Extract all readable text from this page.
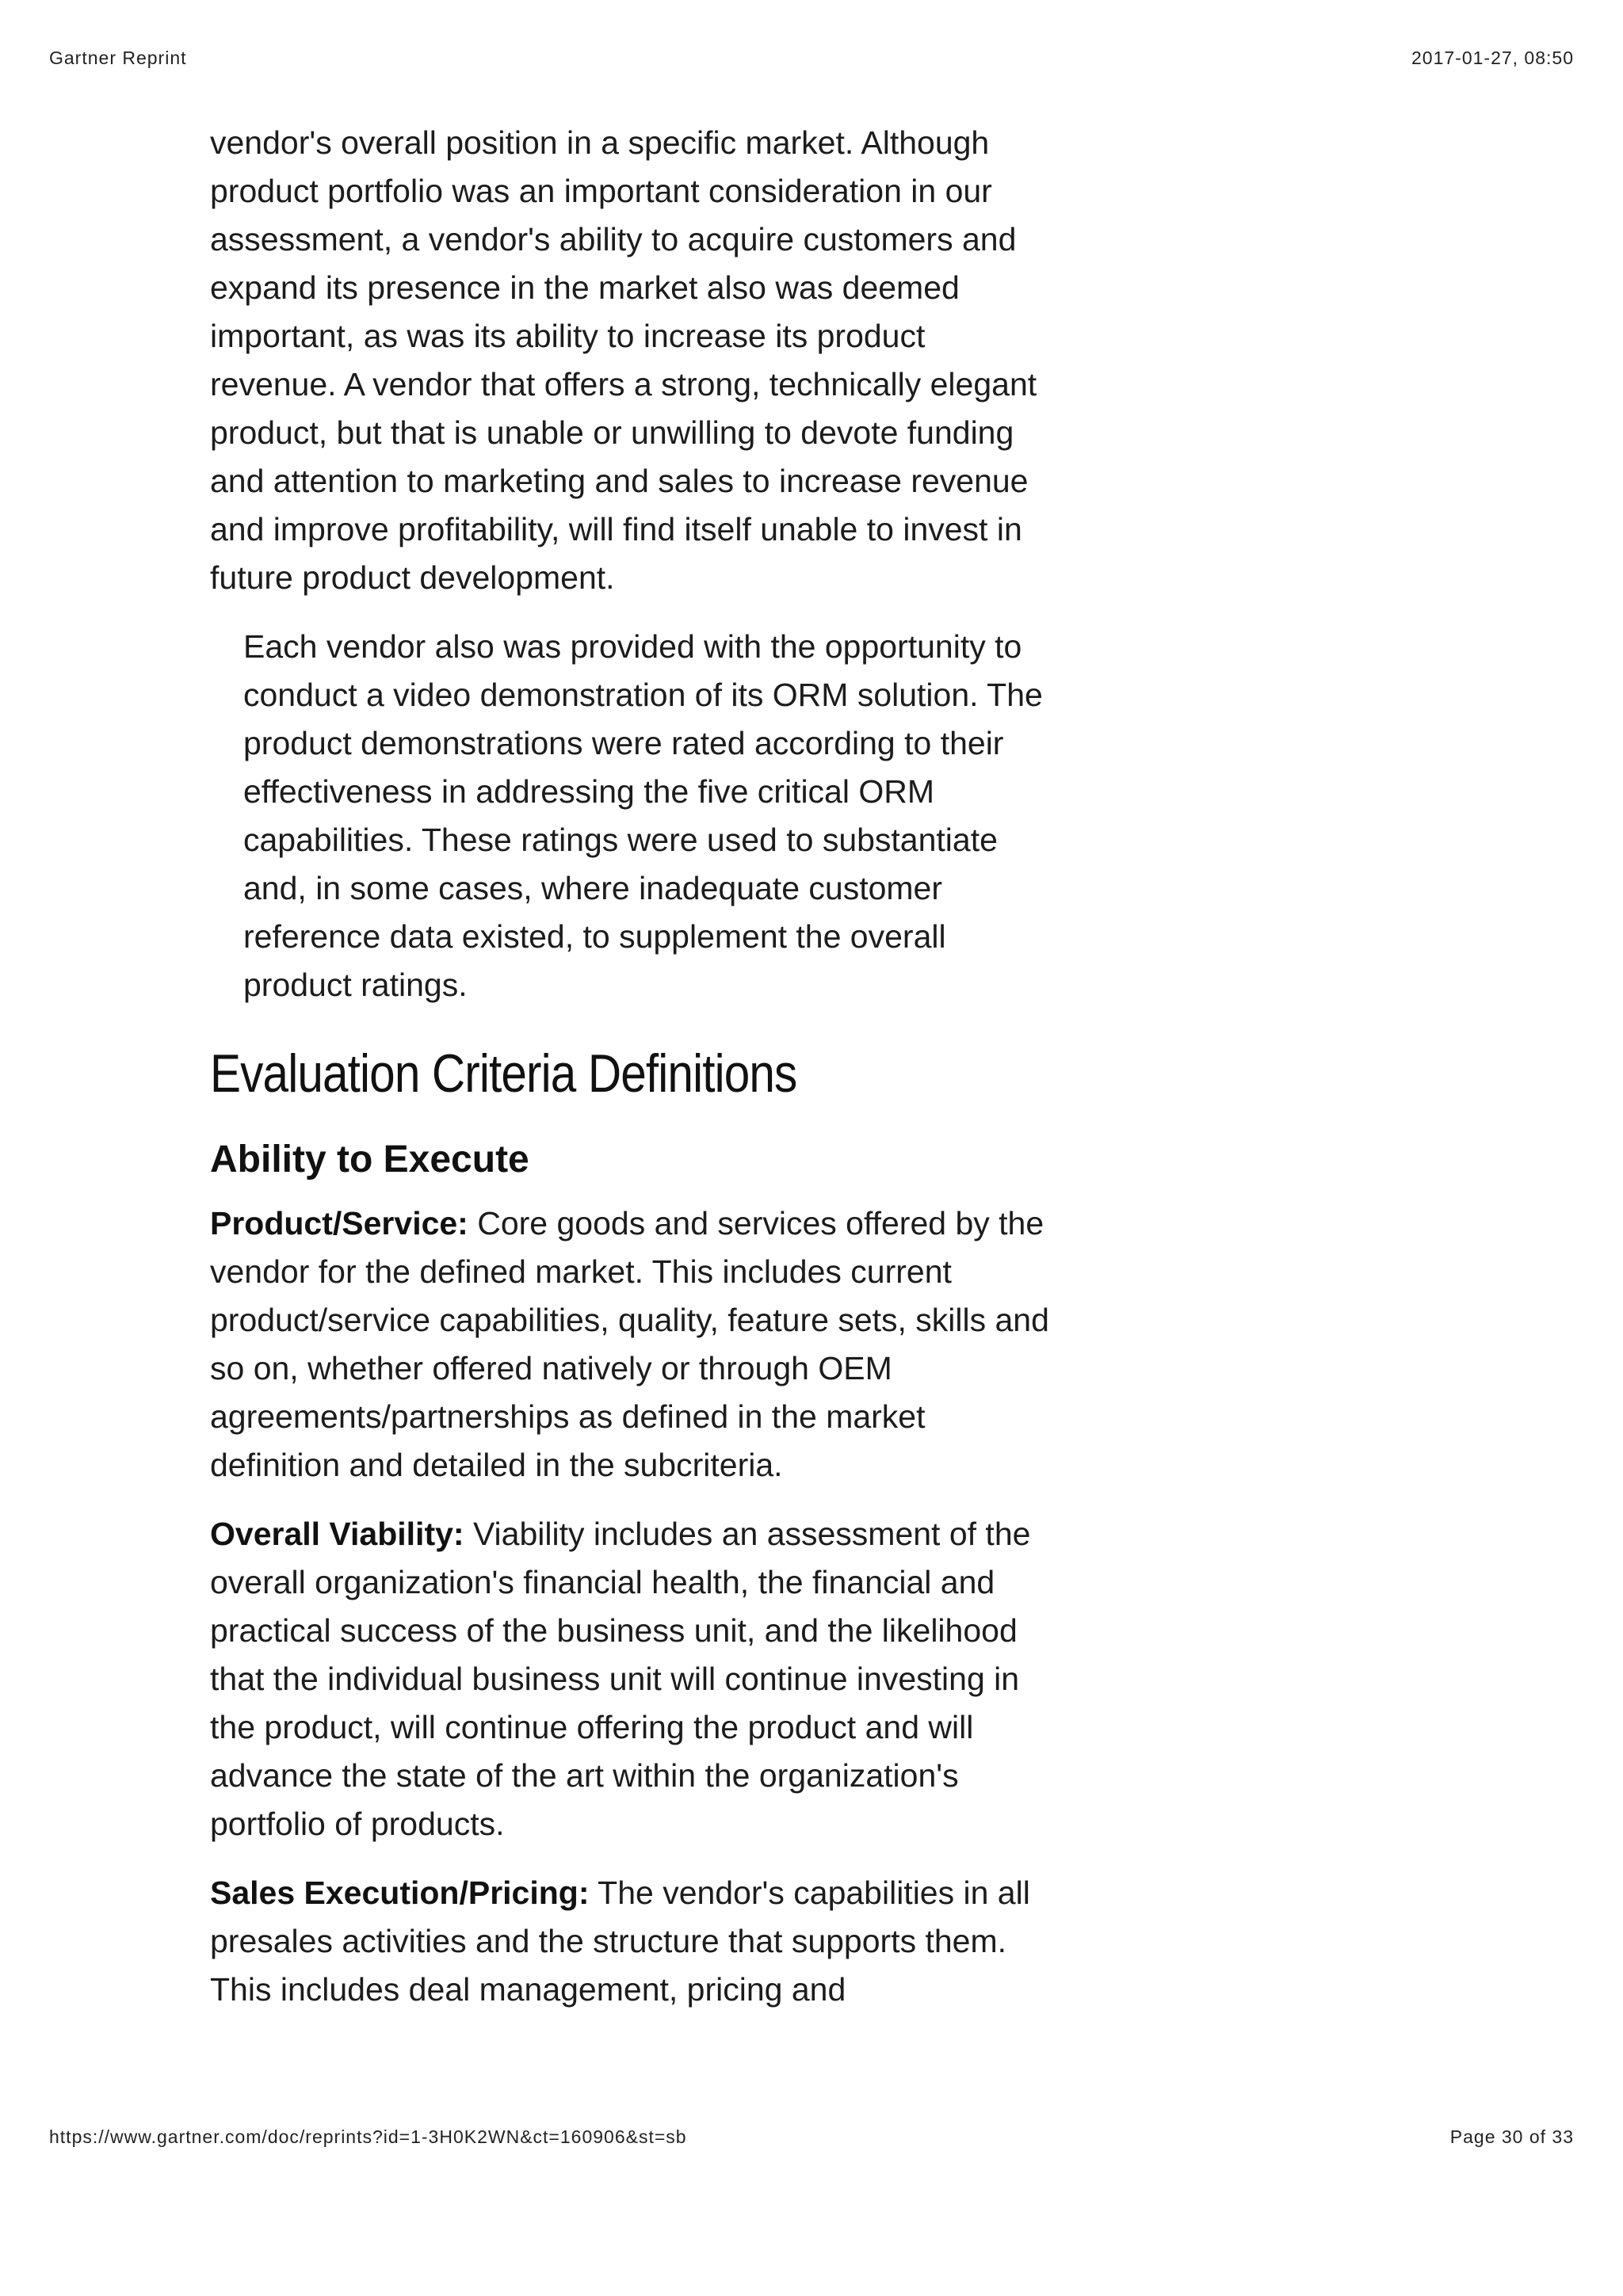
Gartner Reprint	2017-01-27, 08:50

vendor's overall position in a specific market. Although product portfolio was an important consideration in our assessment, a vendor's ability to acquire customers and expand its presence in the market also was deemed important, as was its ability to increase its product revenue. A vendor that offers a strong, technically elegant product, but that is unable or unwilling to devote funding and attention to marketing and sales to increase revenue and improve profitability, will find itself unable to invest in future product development.

Each vendor also was provided with the opportunity to conduct a video demonstration of its ORM solution. The product demonstrations were rated according to their effectiveness in addressing the five critical ORM capabilities. These ratings were used to substantiate and, in some cases, where inadequate customer reference data existed, to supplement the overall product ratings.

Evaluation Criteria Definitions
Ability to Execute

Product/Service: Core goods and services offered by the vendor for the defined market. This includes current product/service capabilities, quality, feature sets, skills and so on, whether offered natively or through OEM agreements/partnerships as defined in the market definition and detailed in the subcriteria.

Overall Viability: Viability includes an assessment of the overall organization's financial health, the financial and practical success of the business unit, and the likelihood that the individual business unit will continue investing in the product, will continue offering the product and will advance the state of the art within the organization's portfolio of products.

Sales Execution/Pricing: The vendor's capabilities in all presales activities and the structure that supports them. This includes deal management, pricing and

https://www.gartner.com/doc/reprints?id=1-3H0K2WN&ct=160906&st=sb	Page 30 of 33
